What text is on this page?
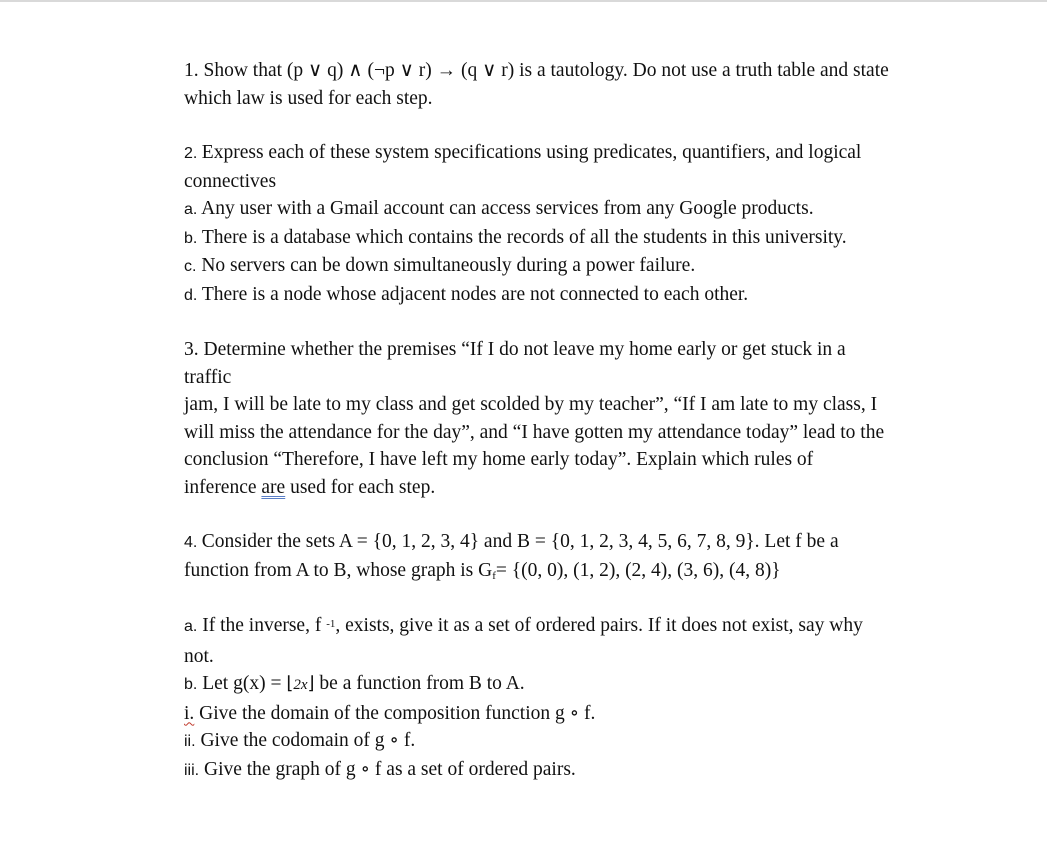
1. Show that (p ∨ q) ∧ (¬p ∨ r) → (q ∨ r) is a tautology. Do not use a truth table and state

which law is used for each step.

2. Express each of these system specifications using predicates, quantifiers, and logical

connectives

a. Any user with a Gmail account can access services from any Google products.

b. There is a database which contains the records of all the students in this university.

c. No servers can be down simultaneously during a power failure.

d. There is a node whose adjacent nodes are not connected to each other.

3. Determine whether the premises “If I do not leave my home early or get stuck in a

traffic

jam, I will be late to my class and get scolded by my teacher”, “If I am late to my class, I

will miss the attendance for the day”, and “I have gotten my attendance today” lead to the

conclusion “Therefore, I have left my home early today”. Explain which rules of

inference are used for each step.

4. Consider the sets A = {0, 1, 2, 3, 4} and B = {0, 1, 2, 3, 4, 5, 6, 7, 8, 9}. Let f be a

function from A to B, whose graph is Gf= {(0, 0), (1, 2), (2, 4), (3, 6), (4, 8)}

a. If the inverse, f $^{-1}$, exists, give it as a set of ordered pairs. If it does not exist, say why

not.

b. Let g(x) = ⌊2x⌋ be a function from B to A.

i. Give the domain of the composition function g ∘ f.

ii. Give the codomain of g ∘ f.

iii. Give the graph of g ∘ f as a set of ordered pairs.
